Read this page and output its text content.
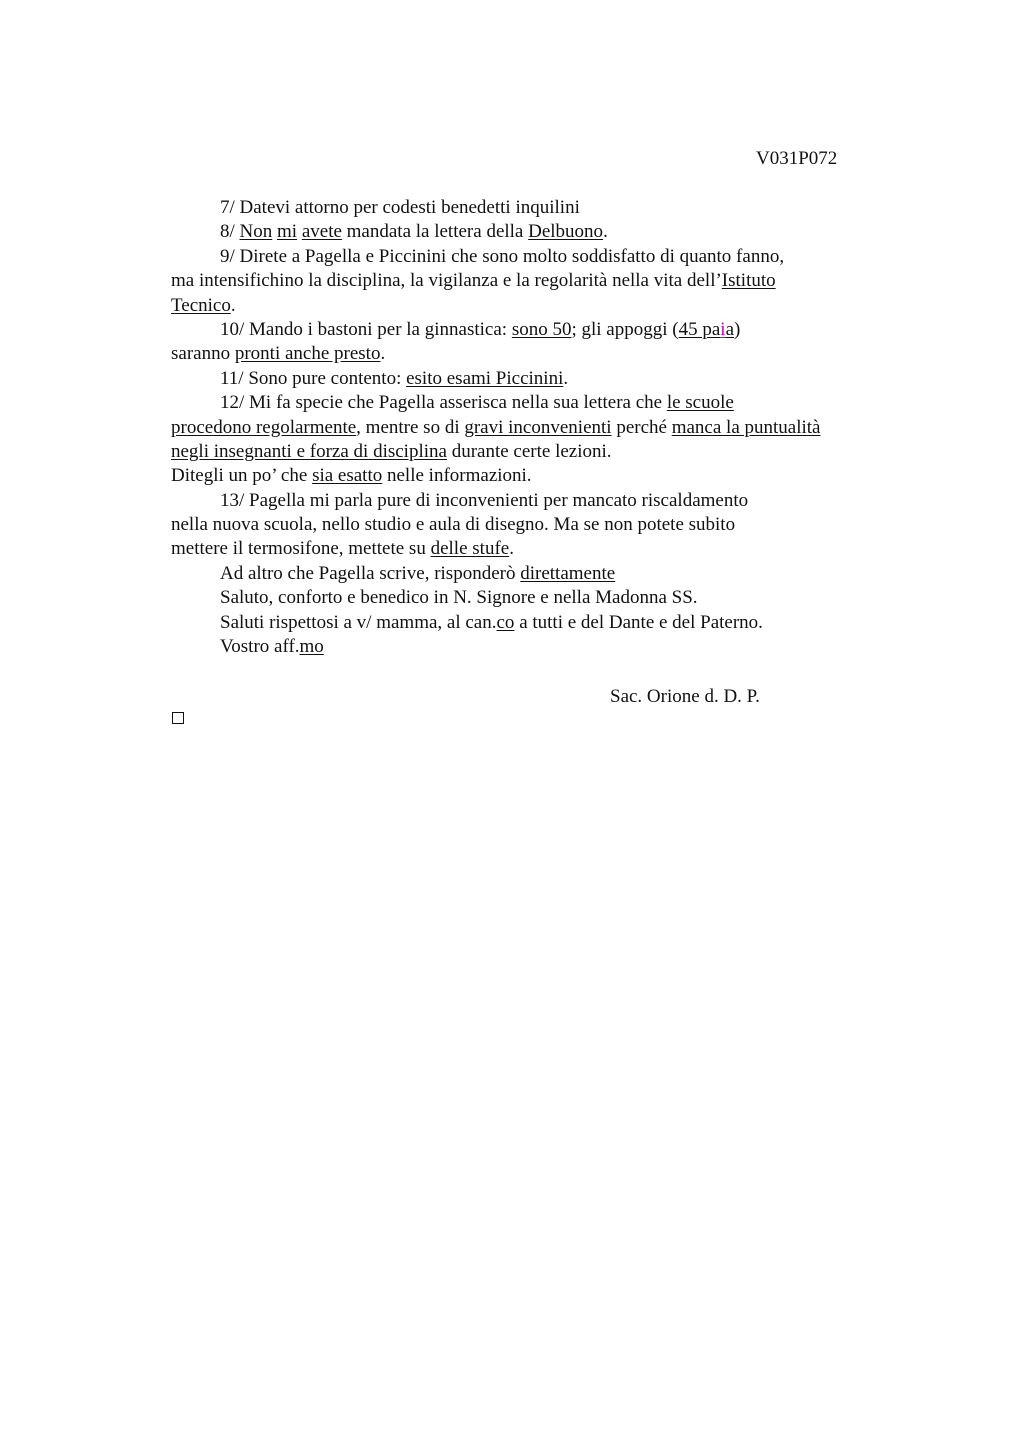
V031P072
7/ Datevi attorno per codesti benedetti inquilini
8/ Non mi avete mandata la lettera della Delbuono.
9/ Direte a Pagella e Piccinini che sono molto soddisfatto di quanto fanno,
ma intensifichino la disciplina, la vigilanza e la regolarità nella vita dell’Istituto
Tecnico.
10/ Mando i bastoni per la ginnastica: sono 50; gli appoggi (45 paia)
saranno pronti anche presto.
11/ Sono pure contento: esito esami Piccinini.
12/ Mi fa specie che Pagella asserisca nella sua lettera che le scuole
procedono regolarmente, mentre so di gravi inconvenienti perché manca la puntualità
negli insegnanti e forza di disciplina durante certe lezioni.
Ditegli un po’ che sia esatto nelle informazioni.
13/ Pagella mi parla pure di inconvenienti per mancato riscaldamento
nella nuova scuola, nello studio e aula di disegno. Ma se non potete subito
mettere il termosifone, mettete su delle stufe.
Ad altro che Pagella scrive, risponderò direttamente
Saluto, conforto e benedico in N. Signore e nella Madonna SS.
Saluti rispettosi a v/ mamma, al can.co a tutti e del Dante e del Paterno.
Vostro aff.mo
Sac. Orione d. D. P.
